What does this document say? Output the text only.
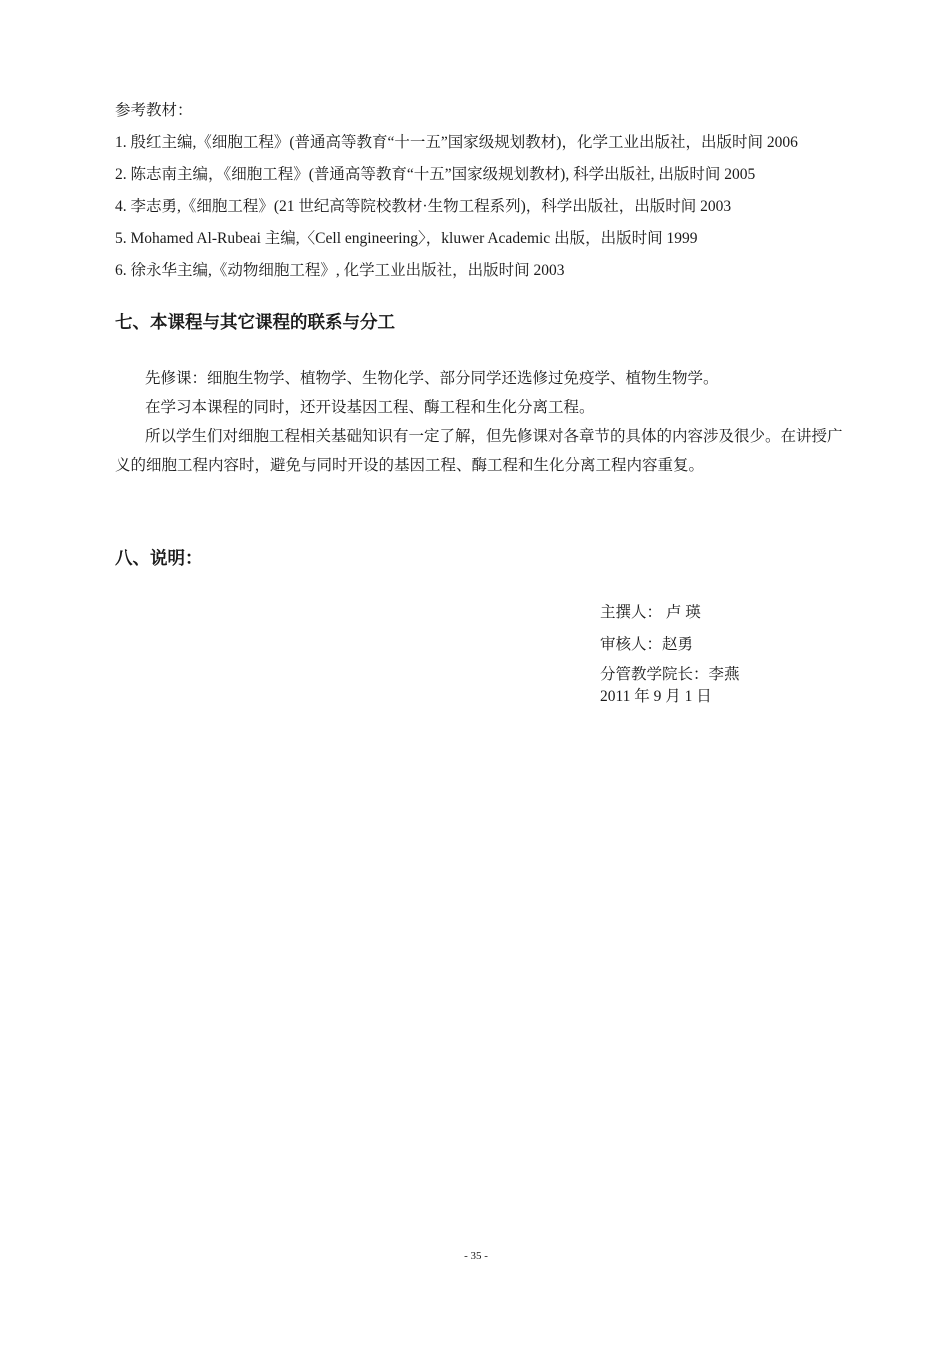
参考教材：
1. 殷红主编,《细胞工程》(普通高等教育“十一五”国家级规划教材)，化学工业出版社，出版时间 2006
2. 陈志南主编，《细胞工程》(普通高等教育“十五”国家级规划教材), 科学出版社, 出版时间 2005
4. 李志勇,《细胞工程》(21 世纪高等院校教材·生物工程系列)，科学出版社，出版时间 2003
5. Mohamed Al-Rubeai 主编,〈Cell engineering〉，kluwer Academic 出版，出版时间 1999
6. 徐永华主编,《动物细胞工程》, 化学工业出版社，出版时间 2003
七、本课程与其它课程的联系与分工

先修课：细胞生物学、植物学、生物化学、部分同学还选修过免疫学、植物生物学。

在学习本课程的同时，还开设基因工程、酶工程和生化分离工程。

所以学生们对细胞工程相关基础知识有一定了解，但先修课对各章节的具体的内容涉及很少。在讲授广义的细胞工程内容时，避免与同时开设的基因工程、酶工程和生化分离工程内容重复。

八、说明：
主撰人： 卢 瑛
审核人：赵勇
分管教学院长：李燕
2011 年 9 月 1 日
- 35 -
